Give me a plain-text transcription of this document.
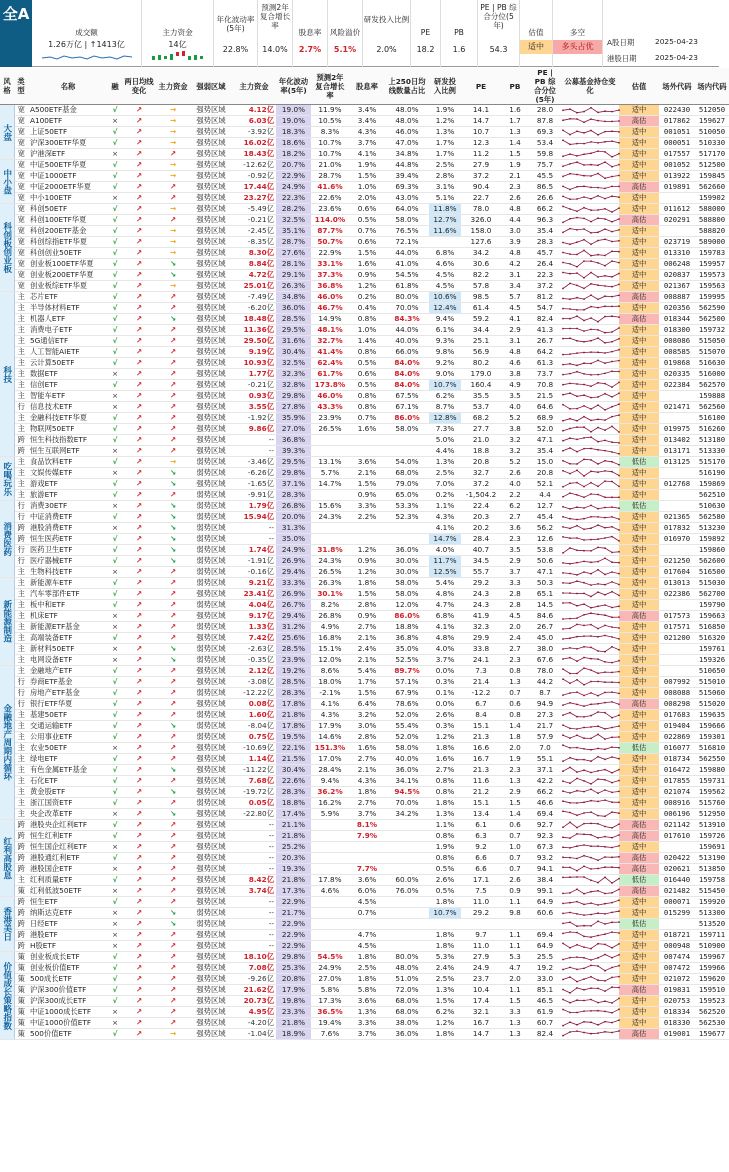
全A
成交额
1.26万亿 | ↑1413亿
主力资金
14亿
年化波动率(5年)
22.8%
预测2年复合增长率
14.0%
股息率
2.7%
风险溢价
5.1%
研发投入比例
2.0%
PE
18.2
PB
1.6
PE | PB 综合分位(5年)
54.3
估值
适中
多空
多头占优	A股日期	2025-04-23
港股日期 2025-04-23
风格	类型	名称	融	两日均线变化	主力资金	强弱区域	主力资金	年化波动率(5年)	预测2年复合增长率	股息率	上250日均线数量占比	研发投入比例	PE	PB	PE | PB 综合分位(5年)	公募基金持仓变化	估值	场外代码	场内代码
大盘	宽	A500ETF基金	√	↗	→	强势区域	4.12亿	19.0%	11.9%	3.4%	48.0%	1.9%	14.1	1.6	28.0		适中	022430	512050
	宽	A100ETF	×	↗	→	强势区域	6.03亿	19.0%	10.5%	3.4%	48.0%	1.2%	14.7	1.7	87.8		高估	017862	159627
	宽	上证50ETF	√	↗	→	强势区域	-3.92亿	18.3%	8.3%	4.3%	46.0%	1.3%	10.7	1.3	69.3		适中	001051	510050
	宽	沪深300ETF华夏	√	↗	→	强势区域	16.02亿	18.6%	10.7%	3.7%	47.0%	1.7%	12.3	1.4	53.4		适中	000051	510330
	宽	沪港深ETF	×	↗	↗	强势区域	18.43亿	18.2%	10.7%	4.1%	34.8%	1.7%	11.2	1.5	59.8		适中	017557	517170
中小盘	宽	中证500ETF华夏	√	↗	→	强势区域	-12.62亿	20.7%	21.0%	1.9%	44.8%	2.5%	27.9	1.9	75.7		适中	001052	512500
	宽	中证1000ETF	√	↗	→	强势区域	-0.92亿	22.9%	28.7%	1.5%	39.4%	2.8%	37.2	2.1	45.5		适中	013922	159845
	宽	中证2000ETF华夏	√	↗	↗	强势区域	17.44亿	24.9%	41.6%	1.0%	69.3%	3.1%	90.4	2.3	86.5		高估	019891	562660
	宽	中小100ETF	×	↗	↗	强势区域	23.27亿	22.3%	22.6%	2.0%	43.0%	5.1%	22.7	2.6	26.6		适中		159902
科创板创业板	宽	科创50ETF	√	↗	→	强势区域	-5.49亿	28.2%	23.6%	0.6%	64.0%	11.8%	78.0	4.8	66.2		适中	011612	588000
	宽	科创100ETF华夏	√	↗	↗	强势区域	-0.21亿	32.5%	114.0%	0.5%	58.0%	12.7%	326.0	4.4	96.3		高估	020291	588800
	宽	科创200ETF基金	√	↗	→	强势区域	-2.45亿	35.1%	87.7%	0.7%	76.5%	11.6%	158.0	3.0	35.4		适中		588820
	宽	科创综指ETF华夏	√	↗	→	强势区域	-8.35亿	28.7%	50.7%	0.6%	72.1%		127.6	3.9	28.3		适中	023719	589000
	宽	科创创业50ETF	√	↗	→	强势区域	8.30亿	27.6%	22.9%	1.5%	44.0%	6.8%	34.2	4.8	45.7		适中	013310	159783
	宽	创业板100ETF华夏	√	↗	↘	强势区域	8.84亿	28.1%	33.1%	1.6%	41.0%	4.6%	30.6	4.2	26.4		适中	006248	159957
	宽	创业板200ETF华夏	√	↗	↘	强势区域	4.72亿	29.1%	37.3%	0.9%	54.5%	4.5%	82.2	3.1	22.3		适中	020837	159573
	宽	创业板综ETF华夏	√	↗	→	强势区域	25.01亿	26.3%	36.8%	1.2%	61.8%	4.5%	57.8	3.4	37.2		适中	021367	159563
科技	主	芯片ETF	√	↗	↗	强势区域	-7.49亿	34.8%	46.0%	0.2%	80.0%	10.6%	98.5	5.7	81.2		高估	008887	159995
	主	半导体材料ETF	√	↗	↗	强势区域	-6.20亿	36.0%	46.7%	0.4%	70.0%	12.4%	61.4	4.5	54.7		适中	020356	562590
	主	机器人ETF	√	↗	↘	强势区域	18.48亿	28.5%	14.9%	0.8%	84.3%	9.4%	59.2	4.1	82.4		高估	018344	562500
	主	消费电子ETF	√	↗	↗	强势区域	11.36亿	29.5%	48.1%	1.0%	44.0%	6.1%	34.4	2.9	41.3		适中	018300	159732
	主	5G通信ETF	√	↗	↗	强势区域	29.50亿	31.6%	32.7%	1.4%	40.0%	9.3%	25.1	3.1	26.7		适中	008086	515050
	主	人工智能AIETF	√	↗	↗	强势区域	9.19亿	30.4%	41.4%	0.8%	66.0%	9.8%	56.9	4.8	64.2		适中	008585	515070
	主	云计算50ETF	√	↗	↗	强势区域	10.93亿	32.5%	62.4%	0.5%	84.0%	9.2%	80.2	4.6	61.3		适中	019868	516630
	主	数据ETF	×	↗	↗	强势区域	1.77亿	32.3%	61.7%	0.6%	84.0%	9.0%	179.0	3.8	73.7		适中	020335	516000
	主	信创ETF	√	↗	↗	强势区域	-0.21亿	32.8%	173.8%	0.5%	84.0%	10.7%	160.4	4.9	70.8		适中	022384	562570
	主	智能车ETF	×	↗	↗	强势区域	0.93亿	29.8%	46.0%	0.8%	67.5%	6.2%	35.5	3.5	21.5		适中		159888
	行	信息技术ETF	×	↗	↗	强势区域	3.55亿	27.8%	43.3%	0.8%	67.1%	8.7%	53.7	4.0	64.6		适中	021471	562560
	主	金融科技ETF华夏	√	↗	↗	强势区域	-1.92亿	35.9%	23.9%	0.7%	86.0%	12.8%	68.2	5.2	68.9		适中		516100
	主	物联网50ETF	√	↗	↗	强势区域	9.86亿	27.0%	26.5%	1.6%	58.0%	7.3%	27.7	3.8	52.0		适中	019975	516260
	跨	恒生科技指数ETF	√	↗	↗	强势区域	--	36.8%				5.0%	21.0	3.2	47.1		适中	013402	513180
	跨	恒生互联网ETF	×	↗	↗	强势区域	--	39.3%				4.4%	18.8	3.2	35.4		适中	013171	513330
吃喝玩乐	主	食品饮料ETF	√	↗	→	弱势区域	-3.46亿	29.5%	13.1%	3.6%	54.0%	1.3%	20.8	5.2	15.0		低估	013125	515170
	主	文娱传媒ETF	×	↗	↘	弱势区域	-6.26亿	29.8%	5.7%	2.1%	68.0%	2.5%	32.7	2.6	20.8		适中		516190
	主	游戏ETF	√	↗	↘	强势区域	-1.65亿	37.1%	14.7%	1.5%	79.0%	7.0%	37.2	4.0	52.1		适中	012768	159869
	主	旅游ETF	√	↗	↗	弱势区域	-9.91亿	28.3%		0.9%	65.0%	0.2%	-1,504.2	2.2	4.4		适中		562510
消费医药	行	消费30ETF	×	↗	↘	弱势区域	1.79亿	26.8%	15.6%	3.3%	53.3%	1.1%	22.4	6.2	12.7		低估		510630
	行	中证消费ETF	√	↗	↘	弱势区域	15.94亿	20.0%	24.3%	2.2%	52.3%	4.3%	20.3	2.7	45.4		适中	021365	562580
	跨	港股消费ETF	×	↗	↘	弱势区域	--	31.3%				4.1%	20.2	3.6	56.2		适中	017832	513230
	跨	恒生医药ETF	√	↗	↘	弱势区域	--	35.0%				14.7%	28.4	2.3	12.6		适中	016970	159892
	行	医药卫生ETF	√	↗	↘	弱势区域	1.74亿	24.9%	31.8%	1.2%	36.0%	4.0%	40.7	3.5	53.8		适中		159860
	行	医疗器械ETF	√	↗	↘	弱势区域	-1.91亿	26.9%	24.3%	0.9%	30.0%	11.7%	34.5	2.9	50.6		适中	021250	562600
	主	生物科技ETF	×	↗	↗	弱势区域	-0.16亿	29.4%	26.5%	1.2%	30.0%	12.5%	55.7	3.7	47.1		适中	017604	516500
新能源制造	主	新能源车ETF	√	↗	↗	弱势区域	9.21亿	33.3%	26.3%	1.8%	58.0%	5.4%	29.2	3.3	50.3		适中	013013	515030
	主	汽车零部件ETF	√	↗	↗	强势区域	23.41亿	26.9%	30.1%	1.5%	58.0%	4.8%	24.3	2.8	65.1		适中	022386	562700
	主	板中和ETF	√	↗	↗	弱势区域	4.04亿	26.7%	8.2%	2.8%	12.0%	4.7%	24.3	2.8	14.5		适中		159790
	主	机床ETF	×	↗	↗	强势区域	9.17亿	29.4%	26.8%	0.9%	86.0%	6.8%	41.9	4.5	84.6		高估	017573	159663
	主	新能源ETF基金	×	↗	↗	弱势区域	1.33亿	31.2%	4.9%	2.7%	18.8%	4.1%	32.3	2.0	26.7		适中	017571	516850
	主	高端装备ETF	√	↗	↗	强势区域	7.42亿	25.6%	16.8%	2.1%	36.8%	4.8%	29.9	2.4	45.0		适中	021200	516320
	主	新材料50ETF	×	↗	↘	弱势区域	-2.63亿	28.5%	15.1%	2.4%	35.0%	4.0%	33.8	2.7	38.0		适中		159761
	主	电网设备ETF	×	↗	↘	弱势区域	-0.35亿	23.9%	12.0%	2.1%	52.5%	3.7%	24.1	2.3	67.6		适中		159326
金融地产周期内循环	主	金融地产ETF	√	↗	↗	强势区域	2.12亿	19.2%	8.6%	5.4%	89.7%	0.0%	7.3	0.8	78.0		适中		510650
	行	券商ETF基金	√	↗	↗	强势区域	-3.08亿	28.5%	18.0%	1.7%	57.1%	0.3%	21.4	1.3	44.2		适中	007992	515010
	行	房地产ETF基金	√	↗	↗	弱势区域	-12.22亿	28.3%	-2.1%	1.5%	67.9%	0.1%	-12.2	0.7	8.7		适中	008088	515060
	行	银行ETF华夏	√	↗	↗	强势区域	0.08亿	17.8%	4.1%	6.4%	78.6%	0.0%	6.7	0.6	94.9		高估	008298	515020
	主	基建50ETF	√	↗	↗	弱势区域	1.60亿	21.8%	4.3%	3.2%	52.0%	2.6%	8.4	0.8	27.3		适中	017683	159635
	主	交通运输ETF	√	↗	↘	弱势区域	-8.04亿	17.8%	17.9%	3.0%	55.4%	0.3%	15.1	1.4	21.7		适中	019404	159666
	主	公用事业ETF	√	↗	↗	弱势区域	0.75亿	19.5%	14.6%	2.8%	52.0%	1.2%	21.3	1.8	57.9		适中	022869	159301
	主	农业50ETF	×	↗	↗	强势区域	-10.69亿	22.1%	151.3%	1.6%	58.0%	1.8%	16.6	2.0	7.0		低估	016077	516810
	主	绿电ETF	√	↗	↗	强势区域	1.14亿	21.5%	17.0%	2.7%	40.0%	1.6%	16.7	1.9	55.1		适中	018734	562550
	主	有色金属ETF基金	√	↗	↘	强势区域	-11.22亿	30.4%	28.4%	2.1%	36.0%	2.7%	21.3	2.3	37.1		适中	016472	159880
	主	石化ETF	√	↗	↗	强势区域	7.68亿	22.6%	9.4%	4.3%	34.1%	0.8%	11.6	1.3	42.2		适中	017855	159731
	主	黄金股ETF	√	↗	↘	强势区域	-19.72亿	28.3%	36.2%	1.8%	94.5%	0.8%	21.2	2.9	66.2		适中	021074	159562
	主	浙江国资ETF	√	↗	↗	弱势区域	0.05亿	18.8%	16.2%	2.7%	70.0%	1.8%	15.1	1.5	46.6		适中	008916	515760
	主	央企改革ETF	×	↗	↘	强势区域	-22.80亿	17.4%	5.9%	3.7%	34.2%	1.3%	13.4	1.4	69.4		适中	006196	512950
红利高股息	跨	港股央企红利ETF	√	↗	↗	强势区域	--	21.1%		8.1%		1.1%	6.1	0.6	92.7		高估	021142	513910
	跨	恒生红利ETF	√	↗	↗	强势区域	--	21.8%		7.9%		0.8%	6.3	0.7	92.3		高估	017610	159726
	跨	恒生国企红利ETF	×	↗	↗	强势区域	--	25.2%				1.9%	9.2	1.0	67.3		适中		159691
	跨	港股通红利ETF	√	↗	↗	强势区域	--	20.3%				0.8%	6.6	0.7	93.2		高估	020422	513190
	跨	港股国企ETF	×	↗	↗	强势区域	--	19.3%		7.7%		0.5%	6.6	0.7	94.1		高估	020621	513850
	主	红利质量ETF	√	↗	↗	强势区域	8.42亿	21.8%	17.8%	3.6%	60.0%	2.6%	17.1	2.6	38.4		低估	016440	159758
	策	红利低波50ETF	×	↗	↗	强势区域	3.74亿	17.3%	4.6%	6.0%	76.0%	0.5%	7.5	0.9	99.1		高估	021482	515450
香港美日	跨	恒生ETF	√	↗	↗	强势区域	--	22.9%		4.5%		1.8%	11.0	1.1	64.9		适中	000071	159920
	跨	纳斯达克ETF	×	↗	↘	弱势区域	--	21.7%		0.7%		10.7%	29.2	9.8	60.6		适中	015299	513300
	跨	日经ETF	×	↗	↘	弱势区域	--	22.9%									低估		513520
	跨	港股ETF	×	↗	↗	强势区域	--	22.9%		4.7%		1.8%	9.7	1.1	69.4		适中	018721	159711
	跨	H股ETF	×	↗	↗	强势区域	--	22.9%		4.5%		1.8%	11.0	1.1	64.9		适中	000948	510900
价值成长策略指数	策	创业板成长ETF	√	↗	↗	强势区域	18.10亿	29.8%	54.5%	1.8%	80.0%	5.3%	27.9	5.3	25.5		适中	007474	159967
	策	创业板价值ETF	√	↗	↗	强势区域	7.08亿	25.3%	24.9%	2.5%	48.0%	2.4%	24.9	4.7	19.2		适中	007472	159966
	策	500成长ETF	√	↗	↗	强势区域	-9.26亿	20.8%	27.0%	1.8%	51.0%	2.5%	23.7	2.0	33.0		适中	021072	159620
	策	沪深300价值ETF	√	↗	↗	强势区域	21.62亿	17.9%	5.8%	5.8%	72.0%	1.3%	10.4	1.1	85.1		高估	019831	159510
	策	沪深300成长ETF	√	↗	↗	强势区域	20.73亿	19.8%	17.3%	3.6%	68.0%	1.5%	17.4	1.5	46.5		适中	020753	159523
	策	中证1000成长ETF	×	↗	↗	强势区域	4.95亿	23.3%	36.5%	1.3%	68.0%	6.2%	32.1	3.3	61.9		适中	018334	562520
	策	中证1000价值ETF	×	↗	↗	强势区域	-4.20亿	21.8%	19.4%	3.3%	38.0%	1.2%	16.7	1.3	60.7		适中	018330	562530
	策	500价值ETF	√	↗	→	强势区域	-1.04亿	18.9%	7.6%	3.7%	36.0%	1.8%	14.7	1.3	82.4		高估	019001	159677
